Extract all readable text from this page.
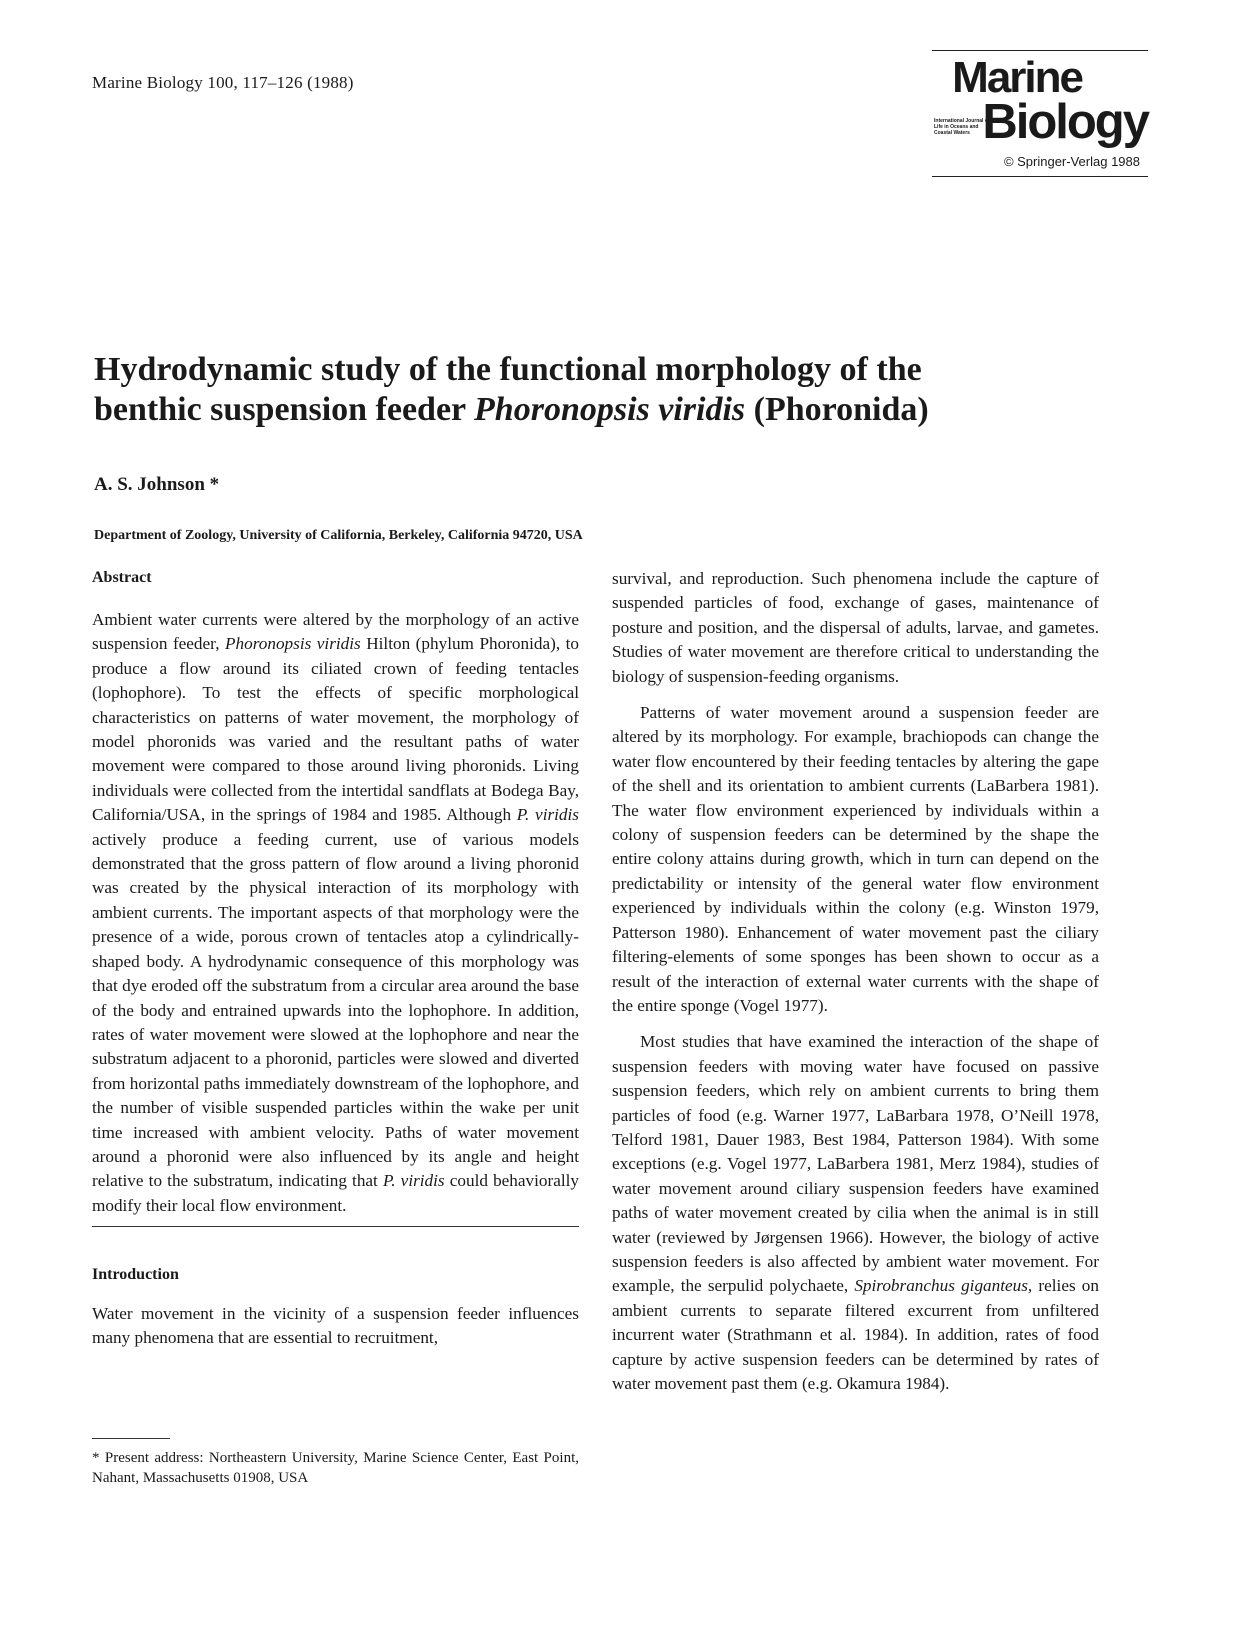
Marine Biology 100, 117–126 (1988)	Marine
International Journal on Life in Oceans and Coastal Waters Biology
© Springer-Verlag 1988
Hydrodynamic study of the functional morphology of the benthic suspension feeder Phoronopsis viridis (Phoronida)
A. S. Johnson *
Department of Zoology, University of California, Berkeley, California 94720, USA
Abstract

Ambient water currents were altered by the morphology of an active suspension feeder, Phoronopsis viridis Hilton (phylum Phoronida), to produce a flow around its ciliated crown of feeding tentacles (lophophore). To test the effects of specific morphological characteristics on patterns of water movement, the morphology of model phoronids was varied and the resultant paths of water movement were compared to those around living phoronids. Living individuals were collected from the intertidal sandflats at Bodega Bay, California/USA, in the springs of 1984 and 1985. Although P. viridis actively produce a feeding current, use of various models demonstrated that the gross pattern of flow around a living phoronid was created by the physical interaction of its morphology with ambient currents. The important aspects of that morphology were the presence of a wide, porous crown of tentacles atop a cylindrically-shaped body. A hydrodynamic consequence of this morphology was that dye eroded off the substratum from a circular area around the base of the body and entrained upwards into the lophophore. In addition, rates of water movement were slowed at the lophophore and near the substratum adjacent to a phoronid, particles were slowed and diverted from horizontal paths immediately downstream of the lophophore, and the number of visible suspended particles within the wake per unit time increased with ambient velocity. Paths of water movement around a phoronid were also influenced by its angle and height relative to the substratum, indicating that P. viridis could behaviorally modify their local flow environment.

Introduction

Water movement in the vicinity of a suspension feeder influences many phenomena that are essential to recruitment,

* Present address: Northeastern University, Marine Science Center, East Point, Nahant, Massachusetts 01908, USA

survival, and reproduction. Such phenomena include the capture of suspended particles of food, exchange of gases, maintenance of posture and position, and the dispersal of adults, larvae, and gametes. Studies of water movement are therefore critical to understanding the biology of suspension-feeding organisms.

Patterns of water movement around a suspension feeder are altered by its morphology. For example, brachiopods can change the water flow encountered by their feeding tentacles by altering the gape of the shell and its orientation to ambient currents (LaBarbera 1981). The water flow environment experienced by individuals within a colony of suspension feeders can be determined by the shape the entire colony attains during growth, which in turn can depend on the predictability or intensity of the general water flow environment experienced by individuals within the colony (e.g. Winston 1979, Patterson 1980). Enhancement of water movement past the ciliary filtering-elements of some sponges has been shown to occur as a result of the interaction of external water currents with the shape of the entire sponge (Vogel 1977).

Most studies that have examined the interaction of the shape of suspension feeders with moving water have focused on passive suspension feeders, which rely on ambient currents to bring them particles of food (e.g. Warner 1977, LaBarbara 1978, O’Neill 1978, Telford 1981, Dauer 1983, Best 1984, Patterson 1984). With some exceptions (e.g. Vogel 1977, LaBarbera 1981, Merz 1984), studies of water movement around ciliary suspension feeders have examined paths of water movement created by cilia when the animal is in still water (reviewed by Jørgensen 1966). However, the biology of active suspension feeders is also affected by ambient water movement. For example, the serpulid polychaete, Spirobranchus giganteus, relies on ambient currents to separate filtered excurrent from unfiltered incurrent water (Strathmann et al. 1984). In addition, rates of food capture by active suspension feeders can be determined by rates of water movement past them (e.g. Okamura 1984).
